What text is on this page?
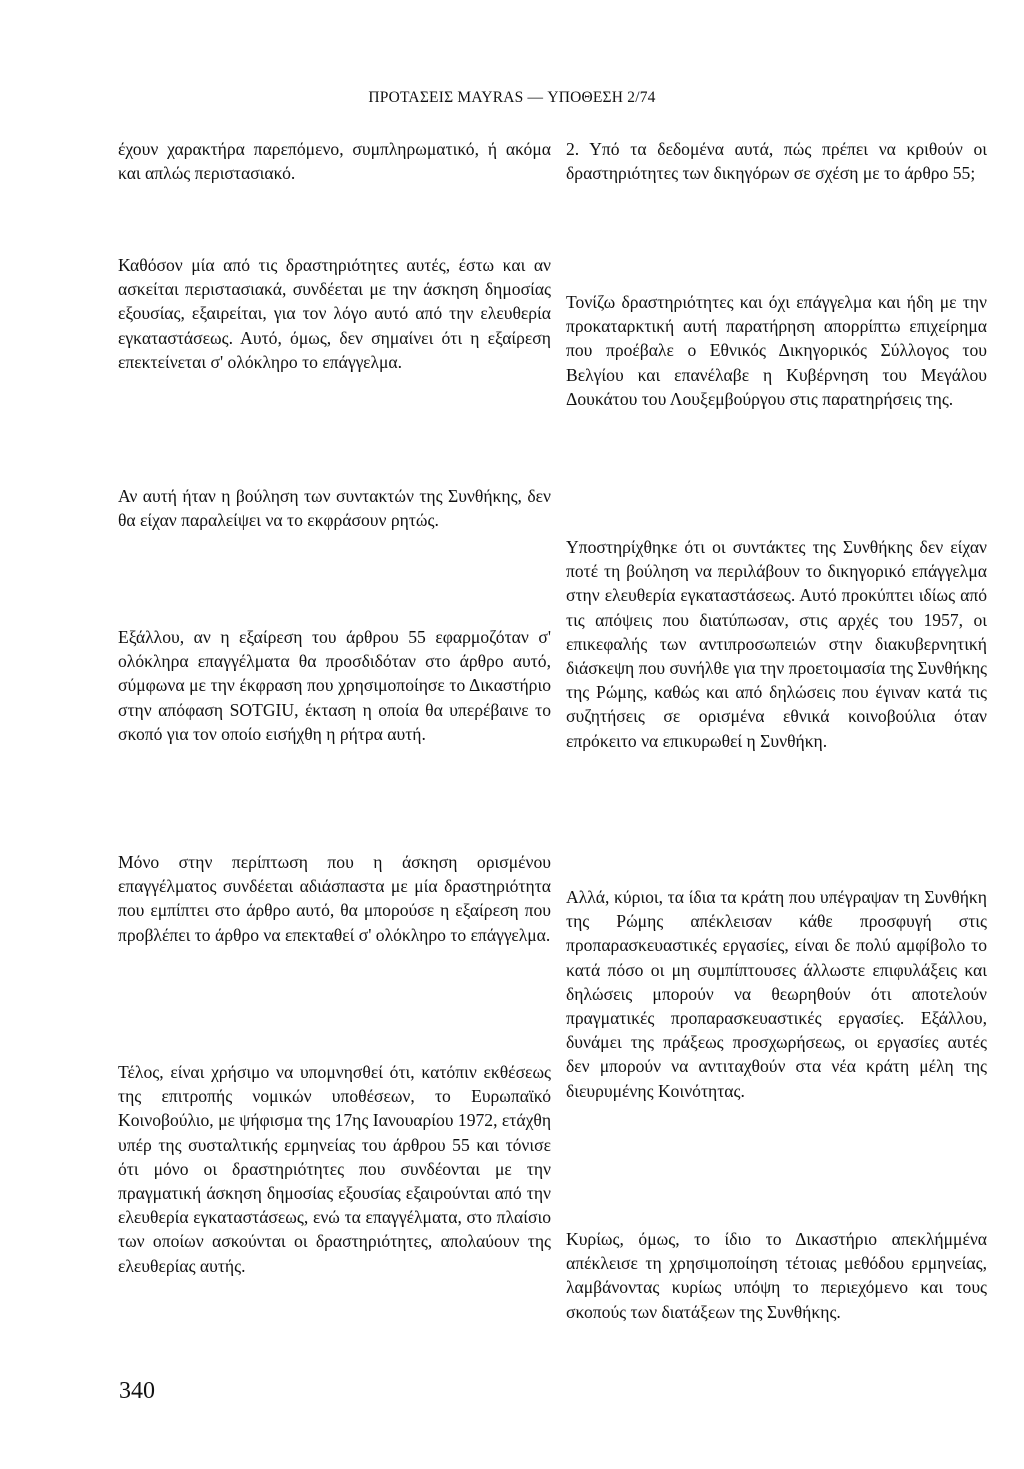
ΠΡΟΤΑΣΕΙΣ MAYRAS — ΥΠΟΘΕΣΗ 2/74

έχουν χαρακτήρα παρεπόμενο, συμπληρωματικό, ή ακόμα και απλώς περιστασιακό.

Καθόσον μία από τις δραστηριότητες αυτές, έστω και αν ασκείται περιστασιακά, συνδέεται με την άσκηση δημοσίας εξουσίας, εξαιρείται, για τον λόγο αυτό από την ελευθερία εγκαταστάσεως. Αυτό, όμως, δεν σημαίνει ότι η εξαίρεση επεκτείνεται σ' ολόκληρο το επάγγελμα.

Αν αυτή ήταν η βούληση των συντακτών της Συνθήκης, δεν θα είχαν παραλείψει να το εκφράσουν ρητώς.

Εξάλλου, αν η εξαίρεση του άρθρου 55 εφαρμοζόταν σ' ολόκληρα επαγγέλματα θα προσδιδόταν στο άρθρο αυτό, σύμφωνα με την έκφραση που χρησιμοποίησε το Δικαστήριο στην απόφαση SOTGIU, έκταση η οποία θα υπερέβαινε το σκοπό για τον οποίο εισήχθη η ρήτρα αυτή.

Μόνο στην περίπτωση που η άσκηση ορισμένου επαγγέλματος συνδέεται αδιάσπαστα με μία δραστηριότητα που εμπίπτει στο άρθρο αυτό, θα μπορούσε η εξαίρεση που προβλέπει το άρθρο να επεκταθεί σ' ολόκληρο το επάγγελμα.

Τέλος, είναι χρήσιμο να υπομνησθεί ότι, κατόπιν εκθέσεως της επιτροπής νομικών υποθέσεων, το Ευρωπαϊκό Κοινοβούλιο, με ψήφισμα της 17ης Ιανουαρίου 1972, ετάχθη υπέρ της συσταλτικής ερμηνείας του άρθρου 55 και τόνισε ότι μόνο οι δραστηριότητες που συνδέονται με την πραγματική άσκηση δημοσίας εξουσίας εξαιρούνται από την ελευθερία εγκαταστάσεως, ενώ τα επαγγέλματα, στο πλαίσιο των οποίων ασκούνται οι δραστηριότητες, απολαύουν της ελευθερίας αυτής.

2. Υπό τα δεδομένα αυτά, πώς πρέπει να κριθούν οι δραστηριότητες των δικηγόρων σε σχέση με το άρθρο 55;

Τονίζω δραστηριότητες και όχι επάγγελμα και ήδη με την προκαταρκτική αυτή παρατήρηση απορρίπτω επιχείρημα που προέβαλε ο Εθνικός Δικηγορικός Σύλλογος του Βελγίου και επανέλαβε η Κυβέρνηση του Μεγάλου Δουκάτου του Λουξεμβούργου στις παρατηρήσεις της.

Υποστηρίχθηκε ότι οι συντάκτες της Συνθήκης δεν είχαν ποτέ τη βούληση να περιλάβουν το δικηγορικό επάγγελμα στην ελευθερία εγκαταστάσεως. Αυτό προκύπτει ιδίως από τις απόψεις που διατύπωσαν, στις αρχές του 1957, οι επικεφαλής των αντιπροσωπειών στην διακυβερνητική διάσκεψη που συνήλθε για την προετοιμασία της Συνθήκης της Ρώμης, καθώς και από δηλώσεις που έγιναν κατά τις συζητήσεις σε ορισμένα εθνικά κοινοβούλια όταν επρόκειτο να επικυρωθεί η Συνθήκη.

Αλλά, κύριοι, τα ίδια τα κράτη που υπέγραψαν τη Συνθήκη της Ρώμης απέκλεισαν κάθε προσφυγή στις προπαρασκευαστικές εργασίες, είναι δε πολύ αμφίβολο το κατά πόσο οι μη συμπίπτουσες άλλωστε επιφυλάξεις και δηλώσεις μπορούν να θεωρηθούν ότι αποτελούν πραγματικές προπαρασκευαστικές εργασίες. Εξάλλου, δυνάμει της πράξεως προσχωρήσεως, οι εργασίες αυτές δεν μπορούν να αντιταχθούν στα νέα κράτη μέλη της διευρυμένης Κοινότητας.

Κυρίως, όμως, το ίδιο το Δικαστήριο απεκλήμμένα απέκλεισε τη χρησιμοποίηση τέτοιας μεθόδου ερμηνείας, λαμβάνοντας κυρίως υπόψη το περιεχόμενο και τους σκοπούς των διατάξεων της Συνθήκης.

340
